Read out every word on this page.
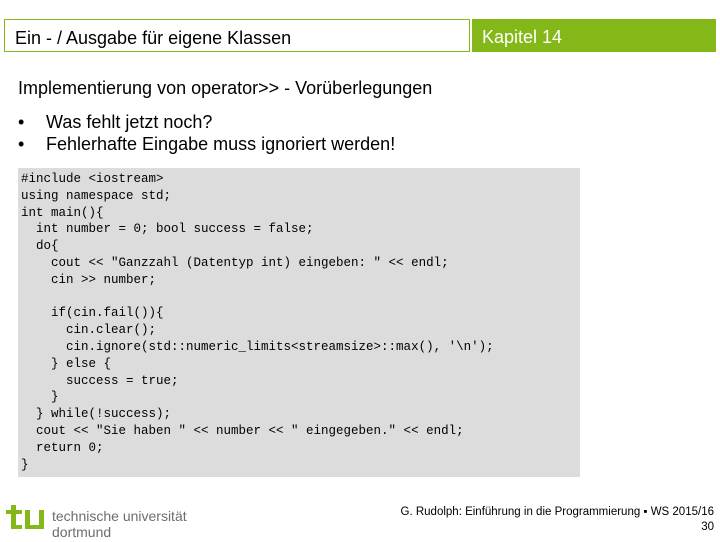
Ein - / Ausgabe für eigene Klassen	Kapitel 14
Implementierung von operator>> - Vorüberlegungen
• Was fehlt jetzt noch?
• Fehlerhafte Eingabe muss ignoriert werden!
#include <iostream>
using namespace std;
int main(){
int number = 0; bool success = false;
do{
cout << "Ganzzahl (Datentyp int) eingeben: " << endl;
cin >> number;

if(cin.fail()){
cin.clear();
cin.ignore(std::numeric_limits<streamsize>::max(), '\n');
} else {
success = true;
}
} while(!success);
cout << "Sie haben " << number << " eingegeben." << endl;
return 0;
}
technische universität
dortmund
G. Rudolph: Einführung in die Programmierung ▪ WS 2015/16
30
